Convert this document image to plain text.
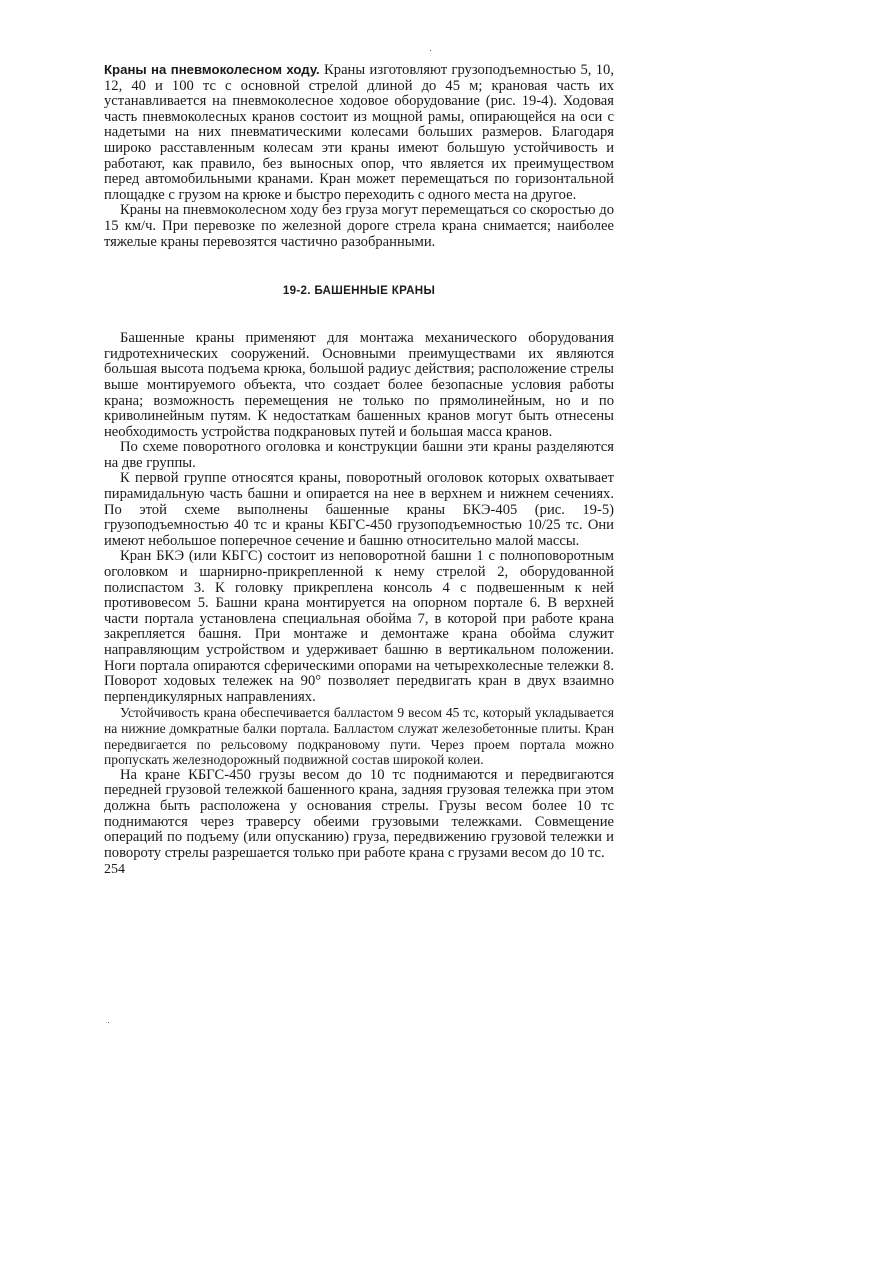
Краны на пневмоколесном ходу. Краны изготовляют грузоподъемностью 5, 10, 12, 40 и 100 тс с основной стрелой длиной до 45 м; крановая часть их устанавливается на пневмоколесное ходовое оборудование (рис. 19-4). Ходовая часть пневмоколесных кранов состоит из мощной рамы, опирающейся на оси с надетыми на них пневматическими колесами больших размеров. Благодаря широко расставленным колесам эти краны имеют большую устойчивость и работают, как правило, без выносных опор, что является их преимуществом перед автомобильными кранами. Кран может перемещаться по горизонтальной площадке с грузом на крюке и быстро переходить с одного места на другое.

Краны на пневмоколесном ходу без груза могут перемещаться со скоростью до 15 км/ч. При перевозке по железной дороге стрела крана снимается; наиболее тяжелые краны перевозятся частично разобранными.

19-2. БАШЕННЫЕ КРАНЫ

Башенные краны применяют для монтажа механического оборудования гидротехнических сооружений. Основными преимуществами их являются большая высота подъема крюка, большой радиус действия; расположение стрелы выше монтируемого объекта, что создает более безопасные условия работы крана; возможность перемещения не только по прямолинейным, но и по криволинейным путям. К недостаткам башенных кранов могут быть отнесены необходимость устройства подкрановых путей и большая масса кранов.

По схеме поворотного оголовка и конструкции башни эти краны разделяются на две группы.

К первой группе относятся краны, поворотный оголовок которых охватывает пирамидальную часть башни и опирается на нее в верхнем и нижнем сечениях. По этой схеме выполнены башенные краны БКЭ-405 (рис. 19-5) грузоподъемностью 40 тс и краны КБГС-450 грузоподъемностью 10/25 тс. Они имеют небольшое поперечное сечение и башню относительно малой массы.

Кран БКЭ (или КБГС) состоит из неповоротной башни 1 с полноповоротным оголовком и шарнирно-прикрепленной к нему стрелой 2, оборудованной полиспастом 3. К головку прикреплена консоль 4 с подвешенным к ней противовесом 5. Башни крана монтируется на опорном портале 6. В верхней части портала установлена специальная обойма 7, в которой при работе крана закрепляется башня. При монтаже и демонтаже крана обойма служит направляющим устройством и удерживает башню в вертикальном положении. Ноги портала опираются сферическими опорами на четырехколесные тележки 8. Поворот ходовых тележек на 90° позволяет передвигать кран в двух взаимно перпендикулярных направлениях.

Устойчивость крана обеспечивается балластом 9 весом 45 тс, который укладывается на нижние домкратные балки портала. Балластом служат железобетонные плиты. Кран передвигается по рельсовому подкрановому пути. Через проем портала можно пропускать железнодорожный подвижной состав широкой колеи.

На кране КБГС-450 грузы весом до 10 тс поднимаются и передвигаются передней грузовой тележкой башенного крана, задняя грузовая тележка при этом должна быть расположена у основания стрелы. Грузы весом более 10 тс поднимаются через траверсу обеими грузовыми тележками. Совмещение операций по подъему (или опусканию) груза, передвижению грузовой тележки и повороту стрелы разрешается только при работе крана с грузами весом до 10 тс.

254
